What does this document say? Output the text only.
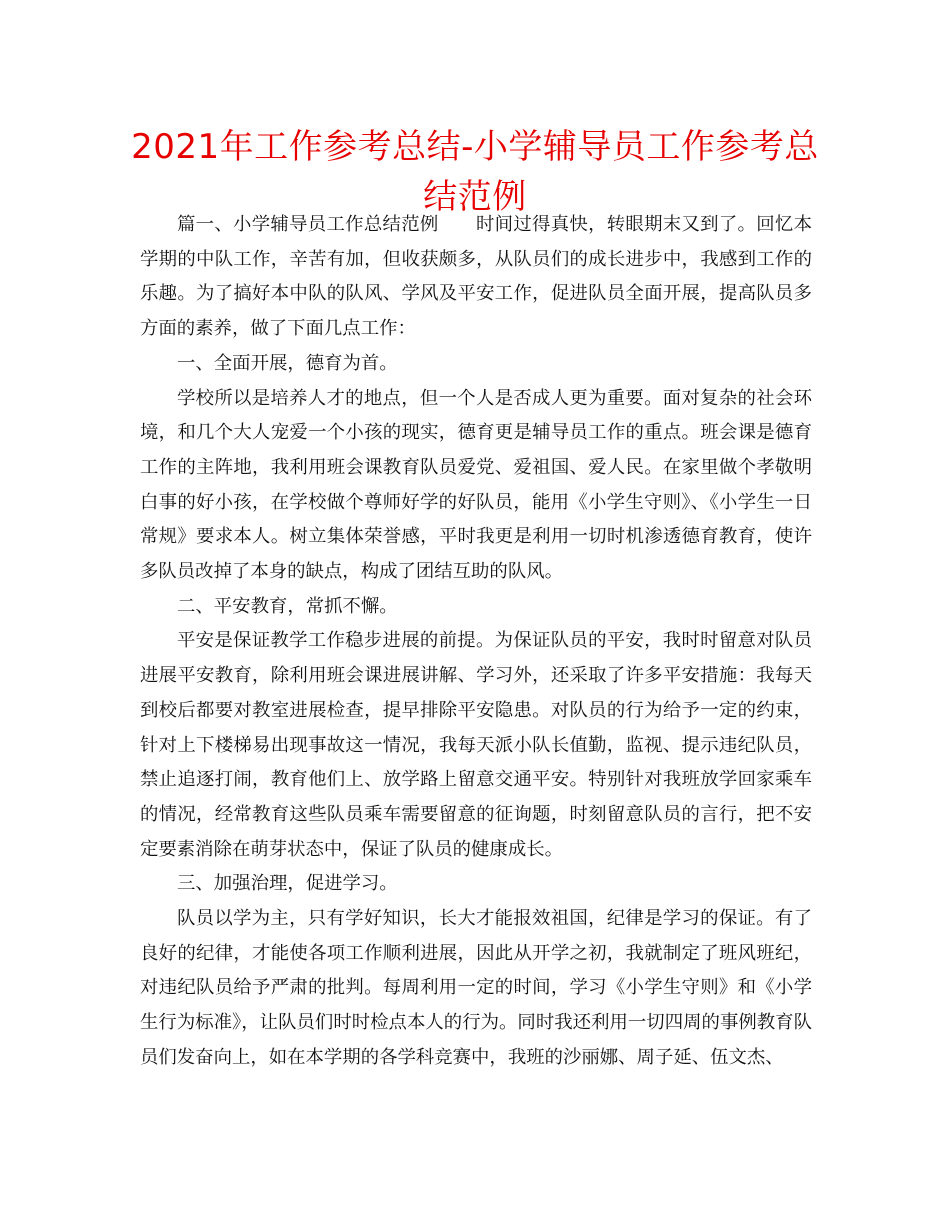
2021年工作参考总结-小学辅导员工作参考总结范例

篇一、小学辅导员工作总结范例　　时间过得真快，转眼期末又到了。回忆本学期的中队工作，辛苦有加，但收获颇多，从队员们的成长进步中，我感到工作的乐趣。为了搞好本中队的队风、学风及平安工作，促进队员全面开展，提高队员多方面的素养，做了下面几点工作：

一、全面开展，德育为首。

学校所以是培养人才的地点，但一个人是否成人更为重要。面对复杂的社会环境，和几个大人宠爱一个小孩的现实，德育更是辅导员工作的重点。班会课是德育工作的主阵地，我利用班会课教育队员爱党、爱祖国、爱人民。在家里做个孝敬明白事的好小孩，在学校做个尊师好学的好队员，能用《小学生守则》、《小学生一日常规》要求本人。树立集体荣誉感，平时我更是利用一切时机渗透德育教育，使许多队员改掉了本身的缺点，构成了团结互助的队风。

二、平安教育，常抓不懈。

平安是保证教学工作稳步进展的前提。为保证队员的平安，我时时留意对队员进展平安教育，除利用班会课进展讲解、学习外，还采取了许多平安措施：我每天到校后都要对教室进展检查，提早排除平安隐患。对队员的行为给予一定的约束，针对上下楼梯易出现事故这一情况，我每天派小队长值勤，监视、提示违纪队员，禁止追逐打闹，教育他们上、放学路上留意交通平安。特别针对我班放学回家乘车的情况，经常教育这些队员乘车需要留意的征询题，时刻留意队员的言行，把不安定要素消除在萌芽状态中，保证了队员的健康成长。

三、加强治理，促进学习。

队员以学为主，只有学好知识，长大才能报效祖国，纪律是学习的保证。有了良好的纪律，才能使各项工作顺利进展，因此从开学之初，我就制定了班风班纪，对违纪队员给予严肃的批判。每周利用一定的时间，学习《小学生守则》和《小学生行为标准》，让队员们时时检点本人的行为。同时我还利用一切四周的事例教育队员们发奋向上，如在本学期的各学科竞赛中，我班的沙丽娜、周子延、伍文杰、
